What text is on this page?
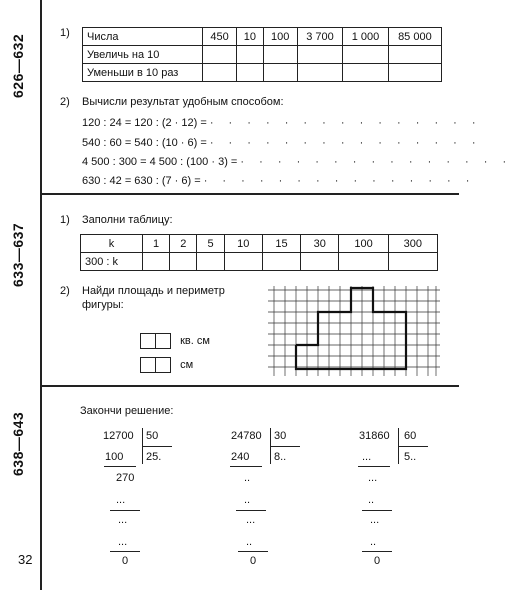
626—632
633—637
638—643
32
1) Числа	450	10	100	3 700	1 000	85 000
Увеличь на 10						
Уменьши в 10 раз						
2) Вычисли результат удобным способом:
120 : 24 = 120 : (2 · 12) = · · · · · · · · · · · · · · ·
540 : 60 = 540 : (10 · 6) = · · · · · · · · · · · · · · ·
4 500 : 300 = 4 500 : (100 · 3) = · · · · · · · · · · · · · · ·
630 : 42 = 630 : (7 · 6) = · · · · · · · · · · · · · · ·
1) Заполни таблицу:
k	1	2	5	10	15	30	100	300
300 : k								
2) Найди площадь и периметр
фигуры:
кв. см
см
Закончи решение:
12700 50
25.
100
270
...
...
...
0
24780 30
8..
240
..
..
...
..
0
31860 60
5..
...
...
..
...
..
0
